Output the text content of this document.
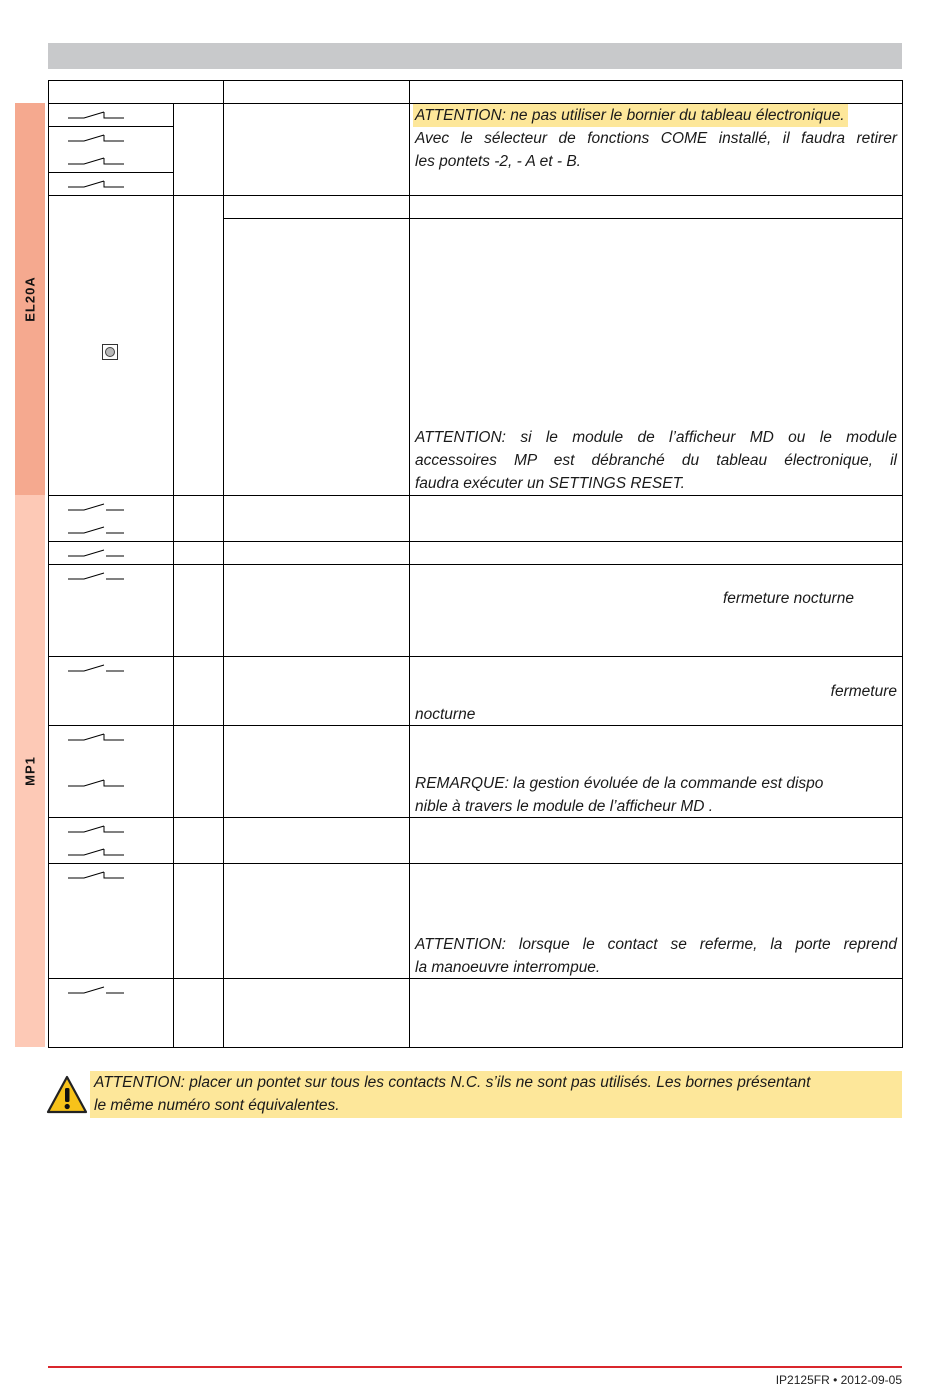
EL20A
MP1
ATTENTION: ne pas utiliser le bornier du tableau électronique.
Avec le sélecteur de fonctions COME installé, il faudra retirer
les pontets -2, - A et - B.
ATTENTION: si le module de l’afficheur MD ou le module
accessoires MP est débranché du tableau électronique, il
faudra exécuter un SETTINGS RESET.
fermeture nocturne
fermeture
nocturne
REMARQUE: la gestion évoluée de la commande est dispo
nible à travers le module de l’afficheur MD .
ATTENTION: lorsque le contact se referme, la porte reprend
la manoeuvre interrompue.
ATTENTION: placer un pontet sur tous les contacts N.C. s’ils ne sont pas utilisés. Les bornes présentant
le même numéro sont équivalentes.
IP2125FR • 2012-09-05
